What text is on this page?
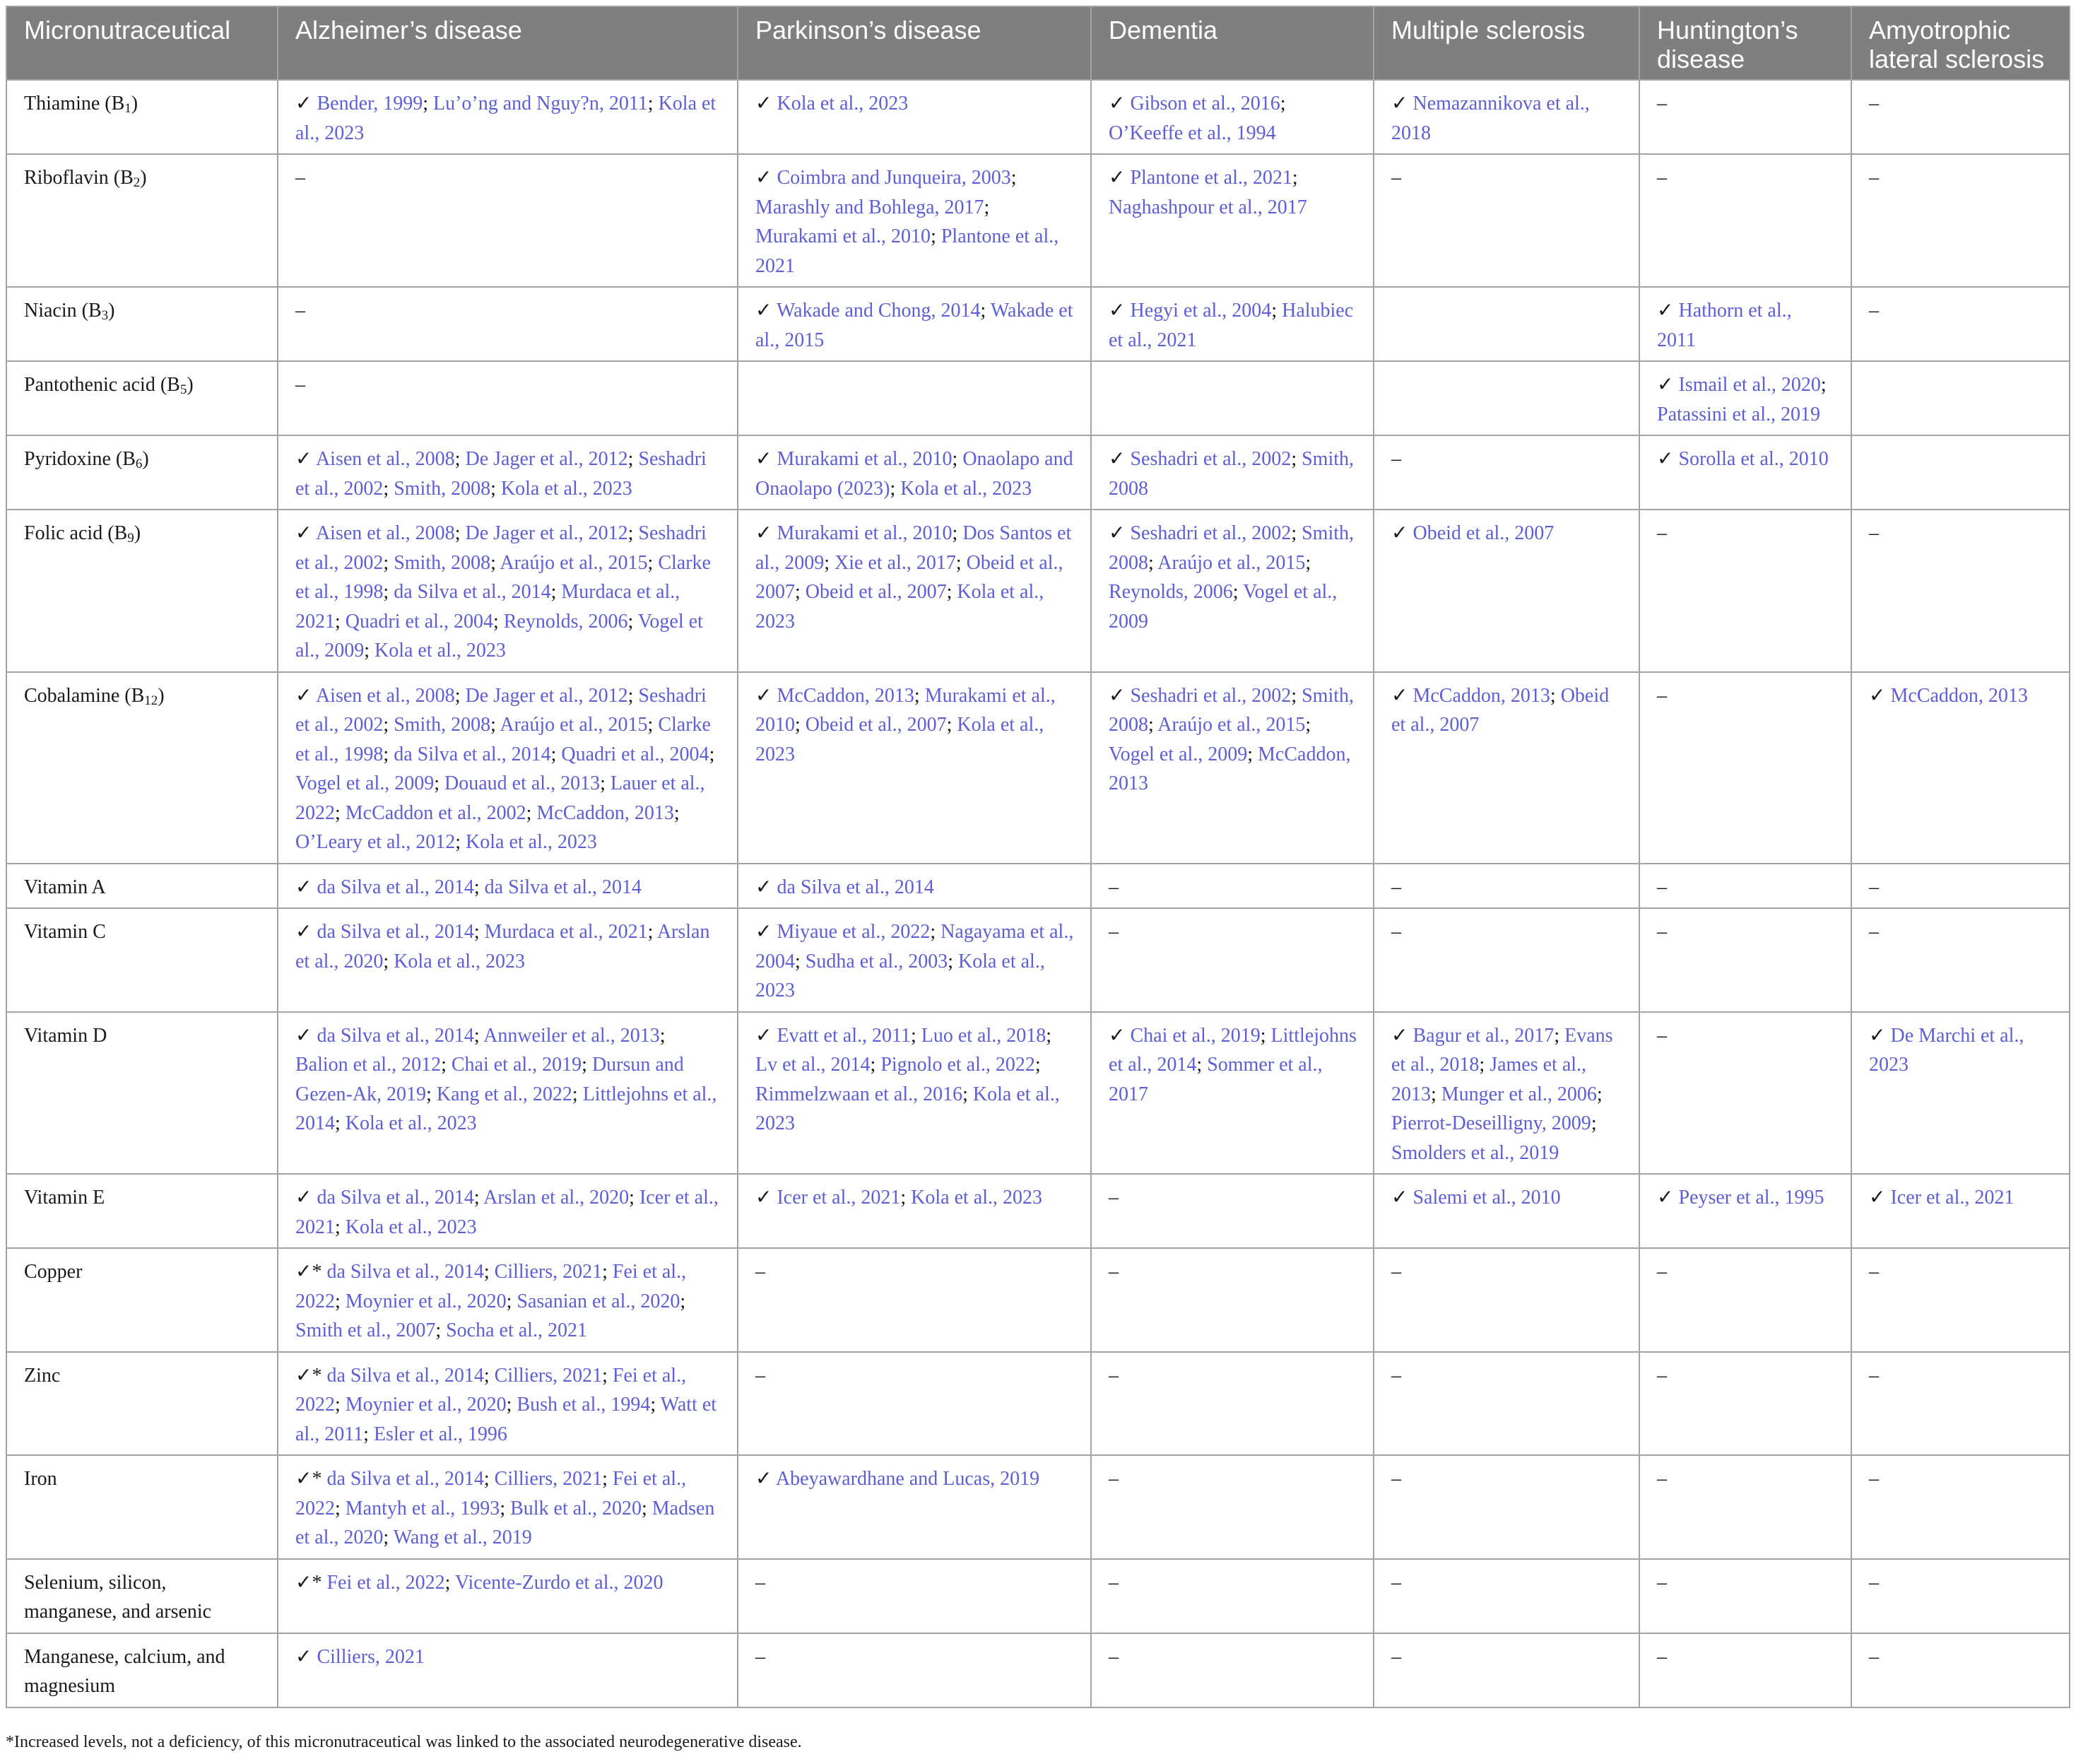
Micronutraceutical	Alzheimer’s disease	Parkinson’s disease	Dementia	Multiple sclerosis	Huntington’s disease	Amyotrophic lateral sclerosis
Thiamine $(B_1)$	✓ Bender, 1999; Lu’o’ng and Nguy?n, 2011; Kola et al., 2023	✓ Kola et al., 2023	✓ Gibson et al., 2016; O’Keeffe et al., 1994	✓ Nemazannikova et al., 2018	–	–
Riboflavin $(B_2)$	–	✓ Coimbra and Junqueira, 2003; Marashly and Bohlega, 2017; Murakami et al., 2010; Plantone et al., 2021	✓ Plantone et al., 2021; Naghashpour et al., 2017	–	–	–
Niacin $(B_3)$	–	✓ Wakade and Chong, 2014; Wakade et al., 2015	✓ Hegyi et al., 2004; Halubiec et al., 2021		✓ Hathorn et al., 2011	–
Pantothenic acid $(B_5)$	–				✓ Ismail et al., 2020; Patassini et al., 2019	
Pyridoxine $(B_6)$	✓ Aisen et al., 2008; De Jager et al., 2012; Seshadri et al., 2002; Smith, 2008; Kola et al., 2023	✓ Murakami et al., 2010; Onaolapo and Onaolapo (2023); Kola et al., 2023	✓ Seshadri et al., 2002; Smith, 2008	–	✓ Sorolla et al., 2010	
Folic acid $(B_9)$	✓ Aisen et al., 2008; De Jager et al., 2012; Seshadri et al., 2002; Smith, 2008; Araújo et al., 2015; Clarke et al., 1998; da Silva et al., 2014; Murdaca et al., 2021; Quadri et al., 2004; Reynolds, 2006; Vogel et al., 2009; Kola et al., 2023	✓ Murakami et al., 2010; Dos Santos et al., 2009; Xie et al., 2017; Obeid et al., 2007; Obeid et al., 2007; Kola et al., 2023	✓ Seshadri et al., 2002; Smith, 2008; Araújo et al., 2015; Reynolds, 2006; Vogel et al., 2009	✓ Obeid et al., 2007	–	–
Cobalamine $(B_{12})$	✓ Aisen et al., 2008; De Jager et al., 2012; Seshadri et al., 2002; Smith, 2008; Araújo et al., 2015; Clarke et al., 1998; da Silva et al., 2014; Quadri et al., 2004; Vogel et al., 2009; Douaud et al., 2013; Lauer et al., 2022; McCaddon et al., 2002; McCaddon, 2013; O’Leary et al., 2012; Kola et al., 2023	✓ McCaddon, 2013; Murakami et al., 2010; Obeid et al., 2007; Kola et al., 2023	✓ Seshadri et al., 2002; Smith, 2008; Araújo et al., 2015; Vogel et al., 2009; McCaddon, 2013	✓ McCaddon, 2013; Obeid et al., 2007	–	✓ McCaddon, 2013
Vitamin A	✓ da Silva et al., 2014; da Silva et al., 2014	✓ da Silva et al., 2014	–	–	–	–
Vitamin C	✓ da Silva et al., 2014; Murdaca et al., 2021; Arslan et al., 2020; Kola et al., 2023	✓ Miyaue et al., 2022; Nagayama et al., 2004; Sudha et al., 2003; Kola et al., 2023	–	–	–	–
Vitamin D	✓ da Silva et al., 2014; Annweiler et al., 2013; Balion et al., 2012; Chai et al., 2019; Dursun and Gezen-Ak, 2019; Kang et al., 2022; Littlejohns et al., 2014; Kola et al., 2023	✓ Evatt et al., 2011; Luo et al., 2018; Lv et al., 2014; Pignolo et al., 2022; Rimmelzwaan et al., 2016; Kola et al., 2023	✓ Chai et al., 2019; Littlejohns et al., 2014; Sommer et al., 2017	✓ Bagur et al., 2017; Evans et al., 2018; James et al., 2013; Munger et al., 2006; Pierrot-Deseilligny, 2009; Smolders et al., 2019	–	✓ De Marchi et al., 2023
Vitamin E	✓ da Silva et al., 2014; Arslan et al., 2020; Icer et al., 2021; Kola et al., 2023	✓ Icer et al., 2021; Kola et al., 2023	–	✓ Salemi et al., 2010	✓ Peyser et al., 1995	✓ Icer et al., 2021
Copper	✓* da Silva et al., 2014; Cilliers, 2021; Fei et al., 2022; Moynier et al., 2020; Sasanian et al., 2020; Smith et al., 2007; Socha et al., 2021	–	–	–	–	–
Zinc	✓* da Silva et al., 2014; Cilliers, 2021; Fei et al., 2022; Moynier et al., 2020; Bush et al., 1994; Watt et al., 2011; Esler et al., 1996	–	–	–	–	–
Iron	✓* da Silva et al., 2014; Cilliers, 2021; Fei et al., 2022; Mantyh et al., 1993; Bulk et al., 2020; Madsen et al., 2020; Wang et al., 2019	✓ Abeyawardhane and Lucas, 2019	–	–	–	–
Selenium, silicon, manganese, and arsenic	✓* Fei et al., 2022; Vicente-Zurdo et al., 2020	–	–	–	–	–
Manganese, calcium, and magnesium	✓ Cilliers, 2021	–	–	–	–	–
*Increased levels, not a deficiency, of this micronutraceutical was linked to the associated neurodegenerative disease.
